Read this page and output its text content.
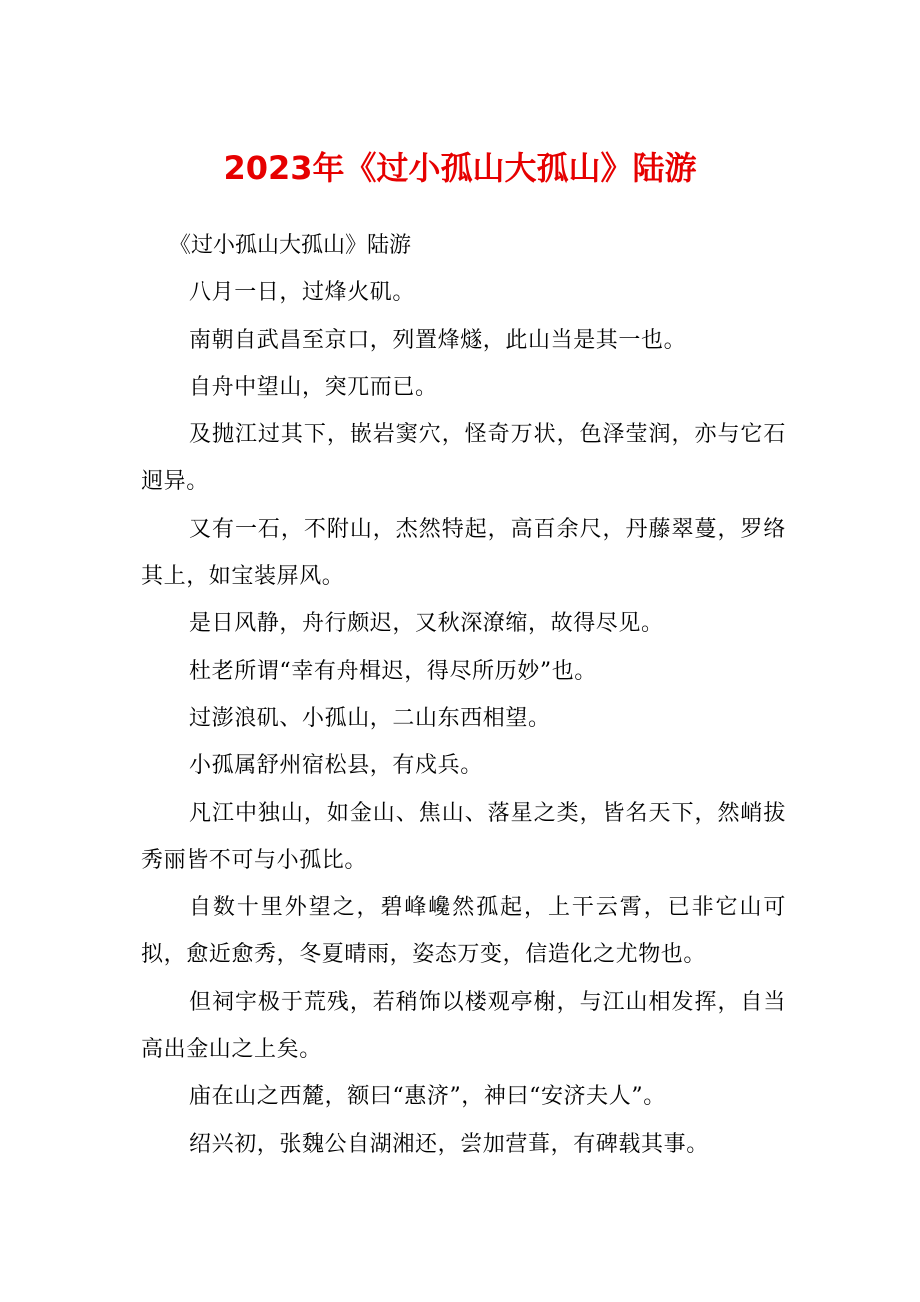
2023年《过小孤山大孤山》陆游

《过小孤山大孤山》陆游

八月一日，过烽火矶。

南朝自武昌至京口，列置烽燧，此山当是其一也。

自舟中望山，突兀而已。

及抛江过其下，嵌岩窦穴，怪奇万状，色泽莹润，亦与它石迥异。

又有一石，不附山，杰然特起，高百余尺，丹藤翠蔓，罗络其上，如宝装屏风。

是日风静，舟行颇迟，又秋深潦缩，故得尽见。

杜老所谓“幸有舟楫迟，得尽所历妙”也。

过澎浪矶、小孤山，二山东西相望。

小孤属舒州宿松县，有戍兵。

凡江中独山，如金山、焦山、落星之类，皆名天下，然峭拔秀丽皆不可与小孤比。

自数十里外望之，碧峰巉然孤起，上干云霄，已非它山可拟，愈近愈秀，冬夏晴雨，姿态万变，信造化之尤物也。

但祠宇极于荒残，若稍饰以楼观亭榭，与江山相发挥，自当高出金山之上矣。

庙在山之西麓，额曰“惠济”，神曰“安济夫人”。

绍兴初，张魏公自湖湘还，尝加营葺，有碑载其事。
